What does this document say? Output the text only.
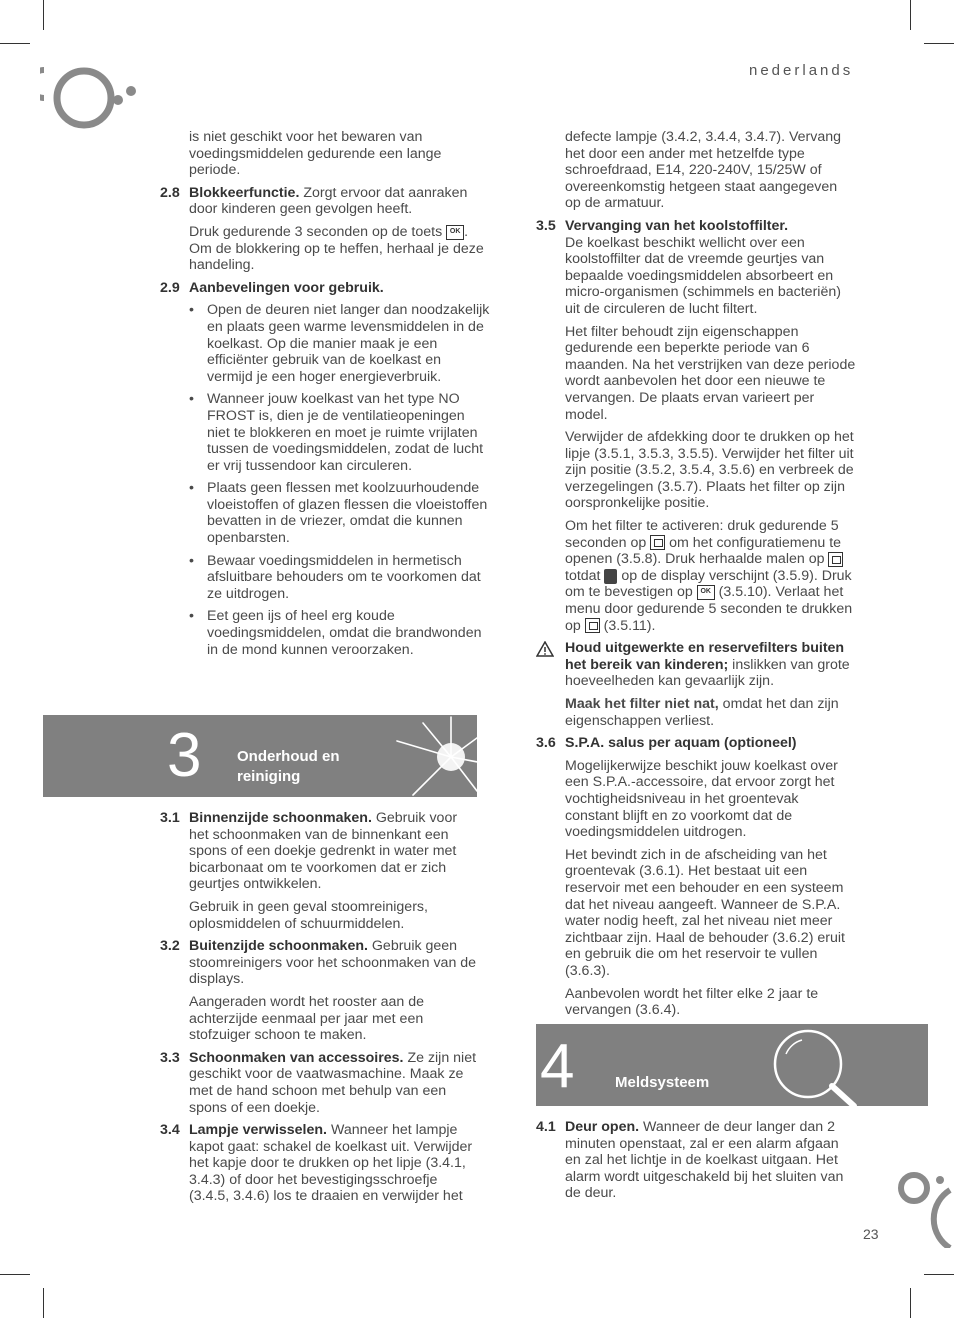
nederlands
23

is niet geschikt voor het bewaren van voedingsmiddelen gedurende een lange periode.

2.8 Blokkeerfunctie. Zorgt ervoor dat aanraken door kinderen geen gevolgen heeft.

Druk gedurende 3 seconden op de toets OK . Om de blokkering op te heffen, herhaal je deze handeling.

2.9 Aanbevelingen voor gebruik.
• Open de deuren niet langer dan noodzakelijk en plaats geen warme levensmiddelen in de koelkast. Op die manier maak je een efficiënter gebruik van de koelkast en vermijd je een hoger energieverbruik.
• Wanneer jouw koelkast van het type NO FROST is, dien je de ventilatieopeningen niet te blokkeren en moet je ruimte vrijlaten tussen de voedingsmiddelen, zodat de lucht er vrij tussendoor kan circuleren.
• Plaats geen flessen met koolzuurhoudende vloeistoffen of glazen flessen die vloeistoffen bevatten in de vriezer, omdat die kunnen openbarsten.
• Bewaar voedingsmiddelen in hermetisch afsluitbare behouders om te voorkomen dat ze uitdrogen.
• Eet geen ijs of heel erg koude voedingsmiddelen, omdat die brandwonden in de mond kunnen veroorzaken.
3 Onderhoud en reiniging
3.1 Binnenzijde schoonmaken. Gebruik voor het schoonmaken van de binnenkant een spons of een doekje gedrenkt in water met bicarbonaat om te voorkomen dat er zich geurtjes ontwikkelen.

Gebruik in geen geval stoomreinigers, oplosmiddelen of schuurmiddelen.

3.2 Buitenzijde schoonmaken. Gebruik geen stoomreinigers voor het schoonmaken van de displays.

Aangeraden wordt het rooster aan de achterzijde eenmaal per jaar met een stofzuiger schoon te maken.

3.3 Schoonmaken van accessoires. Ze zijn niet geschikt voor de vaatwasmachine. Maak ze met de hand schoon met behulp van een spons of een doekje.
3.4 Lampje verwisselen. Wanneer het lampje kapot gaat: schakel de koelkast uit. Verwijder het kapje door te drukken op het lipje (3.4.1, 3.4.3) of door het bevestigingsschroefje (3.4.5, 3.4.6) los te draaien en verwijder het

defecte lampje (3.4.2, 3.4.4, 3.4.7). Vervang het door een ander met hetzelfde type schroefdraad, E14, 220-240V, 15/25W of overeenkomstig hetgeen staat aangegeven op de armatuur.

3.5 Vervanging van het koolstoffilter.
De koelkast beschikt wellicht over een koolstoffilter dat de vreemde geurtjes van bepaalde voedingsmiddelen absorbeert en micro-organismen (schimmels en bacteriën) uit de circuleren de lucht filtert.

Het filter behoudt zijn eigenschappen gedurende een beperkte periode van 6 maanden. Na het verstrijken van deze periode wordt aanbevolen het door een nieuwe te vervangen. De plaats ervan varieert per model.

Verwijder de afdekking door te drukken op het lipje (3.5.1, 3.5.3, 3.5.5). Verwijder het filter uit zijn positie (3.5.2, 3.5.4, 3.5.6) en verbreek de verzegelingen (3.5.7). Plaats het filter op zijn oorspronkelijke positie.

Om het filter te activeren: druk gedurende 5 seconden op  om het configuratiemenu te openen (3.5.8). Druk herhaalde malen op  totdat  op de display verschijnt (3.5.9). Druk om te bevestigen op OK (3.5.10). Verlaat het menu door gedurende 5 seconden te drukken op  (3.5.11).

Houd uitgewerkte en reservefilters buiten het bereik van kinderen; inslikken van grote hoeveelheden kan gevaarlijk zijn.

Maak het filter niet nat, omdat het dan zijn eigenschappen verliest.

3.6 S.P.A. salus per aquam (optioneel)

Mogelijkerwijze beschikt jouw koelkast over een S.P.A.-accessoire, dat ervoor zorgt het vochtigheidsniveau in het groentevak constant blijft en zo voorkomt dat de voedingsmiddelen uitdrogen.

Het bevindt zich in de afscheiding van het groentevak (3.6.1). Het bestaat uit een reservoir met een behouder en een systeem dat het niveau aangeeft. Wanneer de S.P.A. water nodig heeft, zal het niveau niet meer zichtbaar zijn. Haal de behouder (3.6.2) eruit en gebruik die om het reservoir te vullen (3.6.3).

Aanbevolen wordt het filter elke 2 jaar te vervangen (3.6.4).

4	Meldsysteem
4.1 Deur open. Wanneer de deur langer dan 2 minuten openstaat, zal er een alarm afgaan en zal het lichtje in de koelkast uitgaan. Het alarm wordt uitgeschakeld bij het sluiten van de deur.
